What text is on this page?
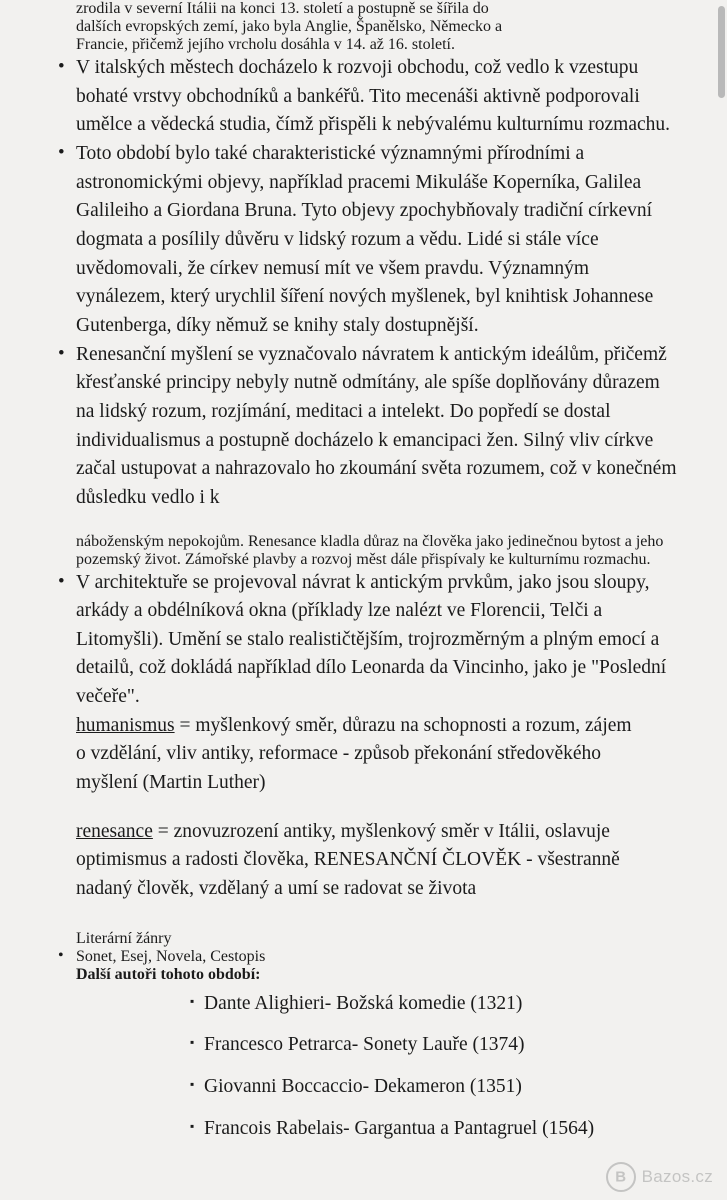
zrodila v severní Itálii na konci 13. století a postupně se šířila do
dalších evropských zemí, jako byla Anglie, Španělsko, Německo a
Francie, přičemž jejího vrcholu dosáhla v 14. až 16. století.
• V italských městech docházelo k rozvoji obchodu, což vedlo k vzestupu bohaté vrstvy obchodníků a bankéřů. Tito mecenáši aktivně podporovali umělce a vědecká studia, čímž přispěli k nebývalému kulturnímu rozmachu.
• Toto období bylo také charakteristické významnými přírodními a astronomickými objevy, například pracemi Mikuláše Koperníka, Galilea Galileiho a Giordana Bruna. Tyto objevy zpochybňovaly tradiční církevní dogmata a posílily důvěru v lidský rozum a vědu. Lidé si stále více uvědomovali, že církev nemusí mít ve všem pravdu. Významným vynálezem, který urychlil šíření nových myšlenek, byl knihtisk Johannese Gutenberga, díky němuž se knihy staly dostupnější.
• Renesanční myšlení se vyznačovalo návratem k antickým ideálům, přičemž křesťanské principy nebyly nutně odmítány, ale spíše doplňovány důrazem na lidský rozum, rozjímání, meditaci a intelekt. Do popředí se dostal individualismus a postupně docházelo k emancipaci žen. Silný vliv církve začal ustupovat a nahrazovalo ho zkoumání světa rozumem, což v konečném důsledku vedlo i k
náboženským nepokojům. Renesance kladla důraz na člověka jako jedinečnou bytost a jeho pozemský život. Zámořské plavby a rozvoj měst dále přispívaly ke kulturnímu rozmachu.
• V architektuře se projevoval návrat k antickým prvkům, jako jsou sloupy, arkády a obdélníková okna (příklady lze nalézt ve Florencii, Telči a Litomyšli). Umění se stalo realističtějším, trojrozměrným a plným emocí a detailů, což dokládá například dílo Leonarda da Vincinho, jako je "Poslední večeře".
humanismus = myšlenkový směr, důrazu na schopnosti a rozum, zájem
o vzdělání, vliv antiky, reformace - způsob překonání středověkého
myšlení (Martin Luther)
renesance = znovuzrození antiky, myšlenkový směr v Itálii, oslavuje
optimismus a radosti člověka, RENESANČNÍ ČLOVĚK - všestranně
nadaný člověk, vzdělaný a umí se radovat se života
Literární žánry
• Sonet, Esej, Novela, Cestopis
Další autoři tohoto období:
▪ Dante Alighieri- Božská komedie (1321)
▪ Francesco Petrarca- Sonety Lauře (1374)
▪ Giovanni Boccaccio- Dekameron (1351)
▪ Francois Rabelais- Gargantua a Pantagruel (1564)
B
Bazos.cz
